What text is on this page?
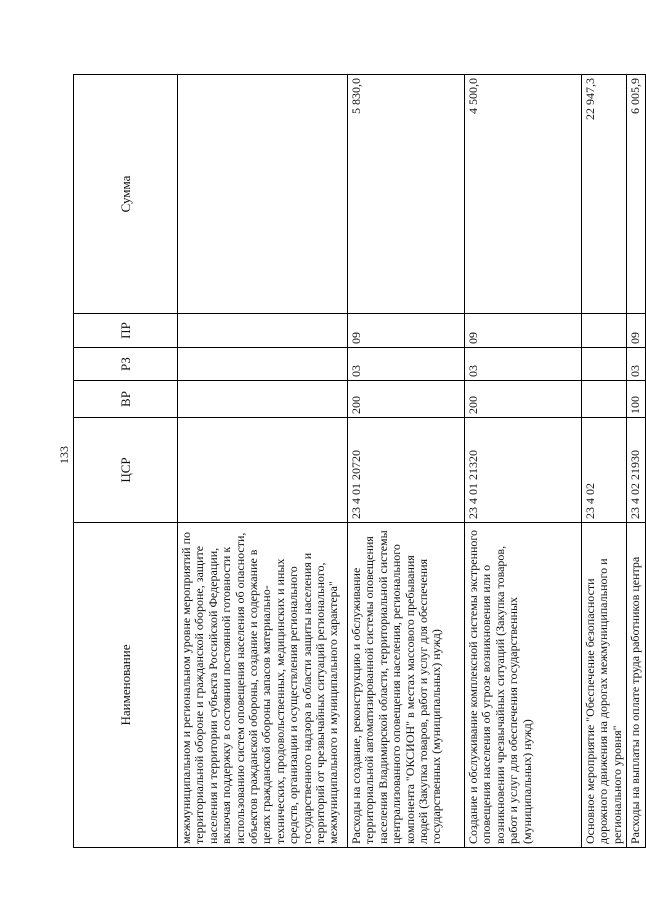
133
Наименование	ЦСР	ВР	РЗ	ПР	Сумма
межмуниципальном и региональном уровне мероприятий по территориальной обороне и гражданской обороне, защите населения и территории субъекта Российской Федерации, включая поддержку в состоянии постоянной готовности к использованию систем оповещения населения об опасности, объектов гражданской обороны, создание и содержание в целях гражданской обороны запасов материально-технических, продовольственных, медицинских и иных средств, организации и осуществления регионального государственного надзора в области защиты населения и территорий от чрезвычайных ситуаций регионального, межмуниципального и муниципального характера"					
Расходы на создание, реконструкцию и обслуживание территориальной автоматизированной системы оповещения населения Владимирской области, территориальной системы централизованного оповещения населения, регионального компонента "ОКСИОН" в местах массового пребывания людей (Закупка товаров, работ и услуг для обеспечения государственных (муниципальных) нужд)	23 4 01 20720	200	03	09	5 830,0
Создание и обслуживание комплексной системы экстренного оповещения населения об угрозе возникновения или о возникновении чрезвычайных ситуаций (Закупка товаров, работ и услуг для обеспечения государственных (муниципальных) нужд)	23 4 01 21320	200	03	09	4 500,0
Основное мероприятие "Обеспечение безопасности дорожного движения на дорогах межмуниципального и регионального уровня"	23 4 02				22 947,3
Расходы на выплаты по оплате труда работников центра	23 4 02 21930	100	03	09	6 005,9
